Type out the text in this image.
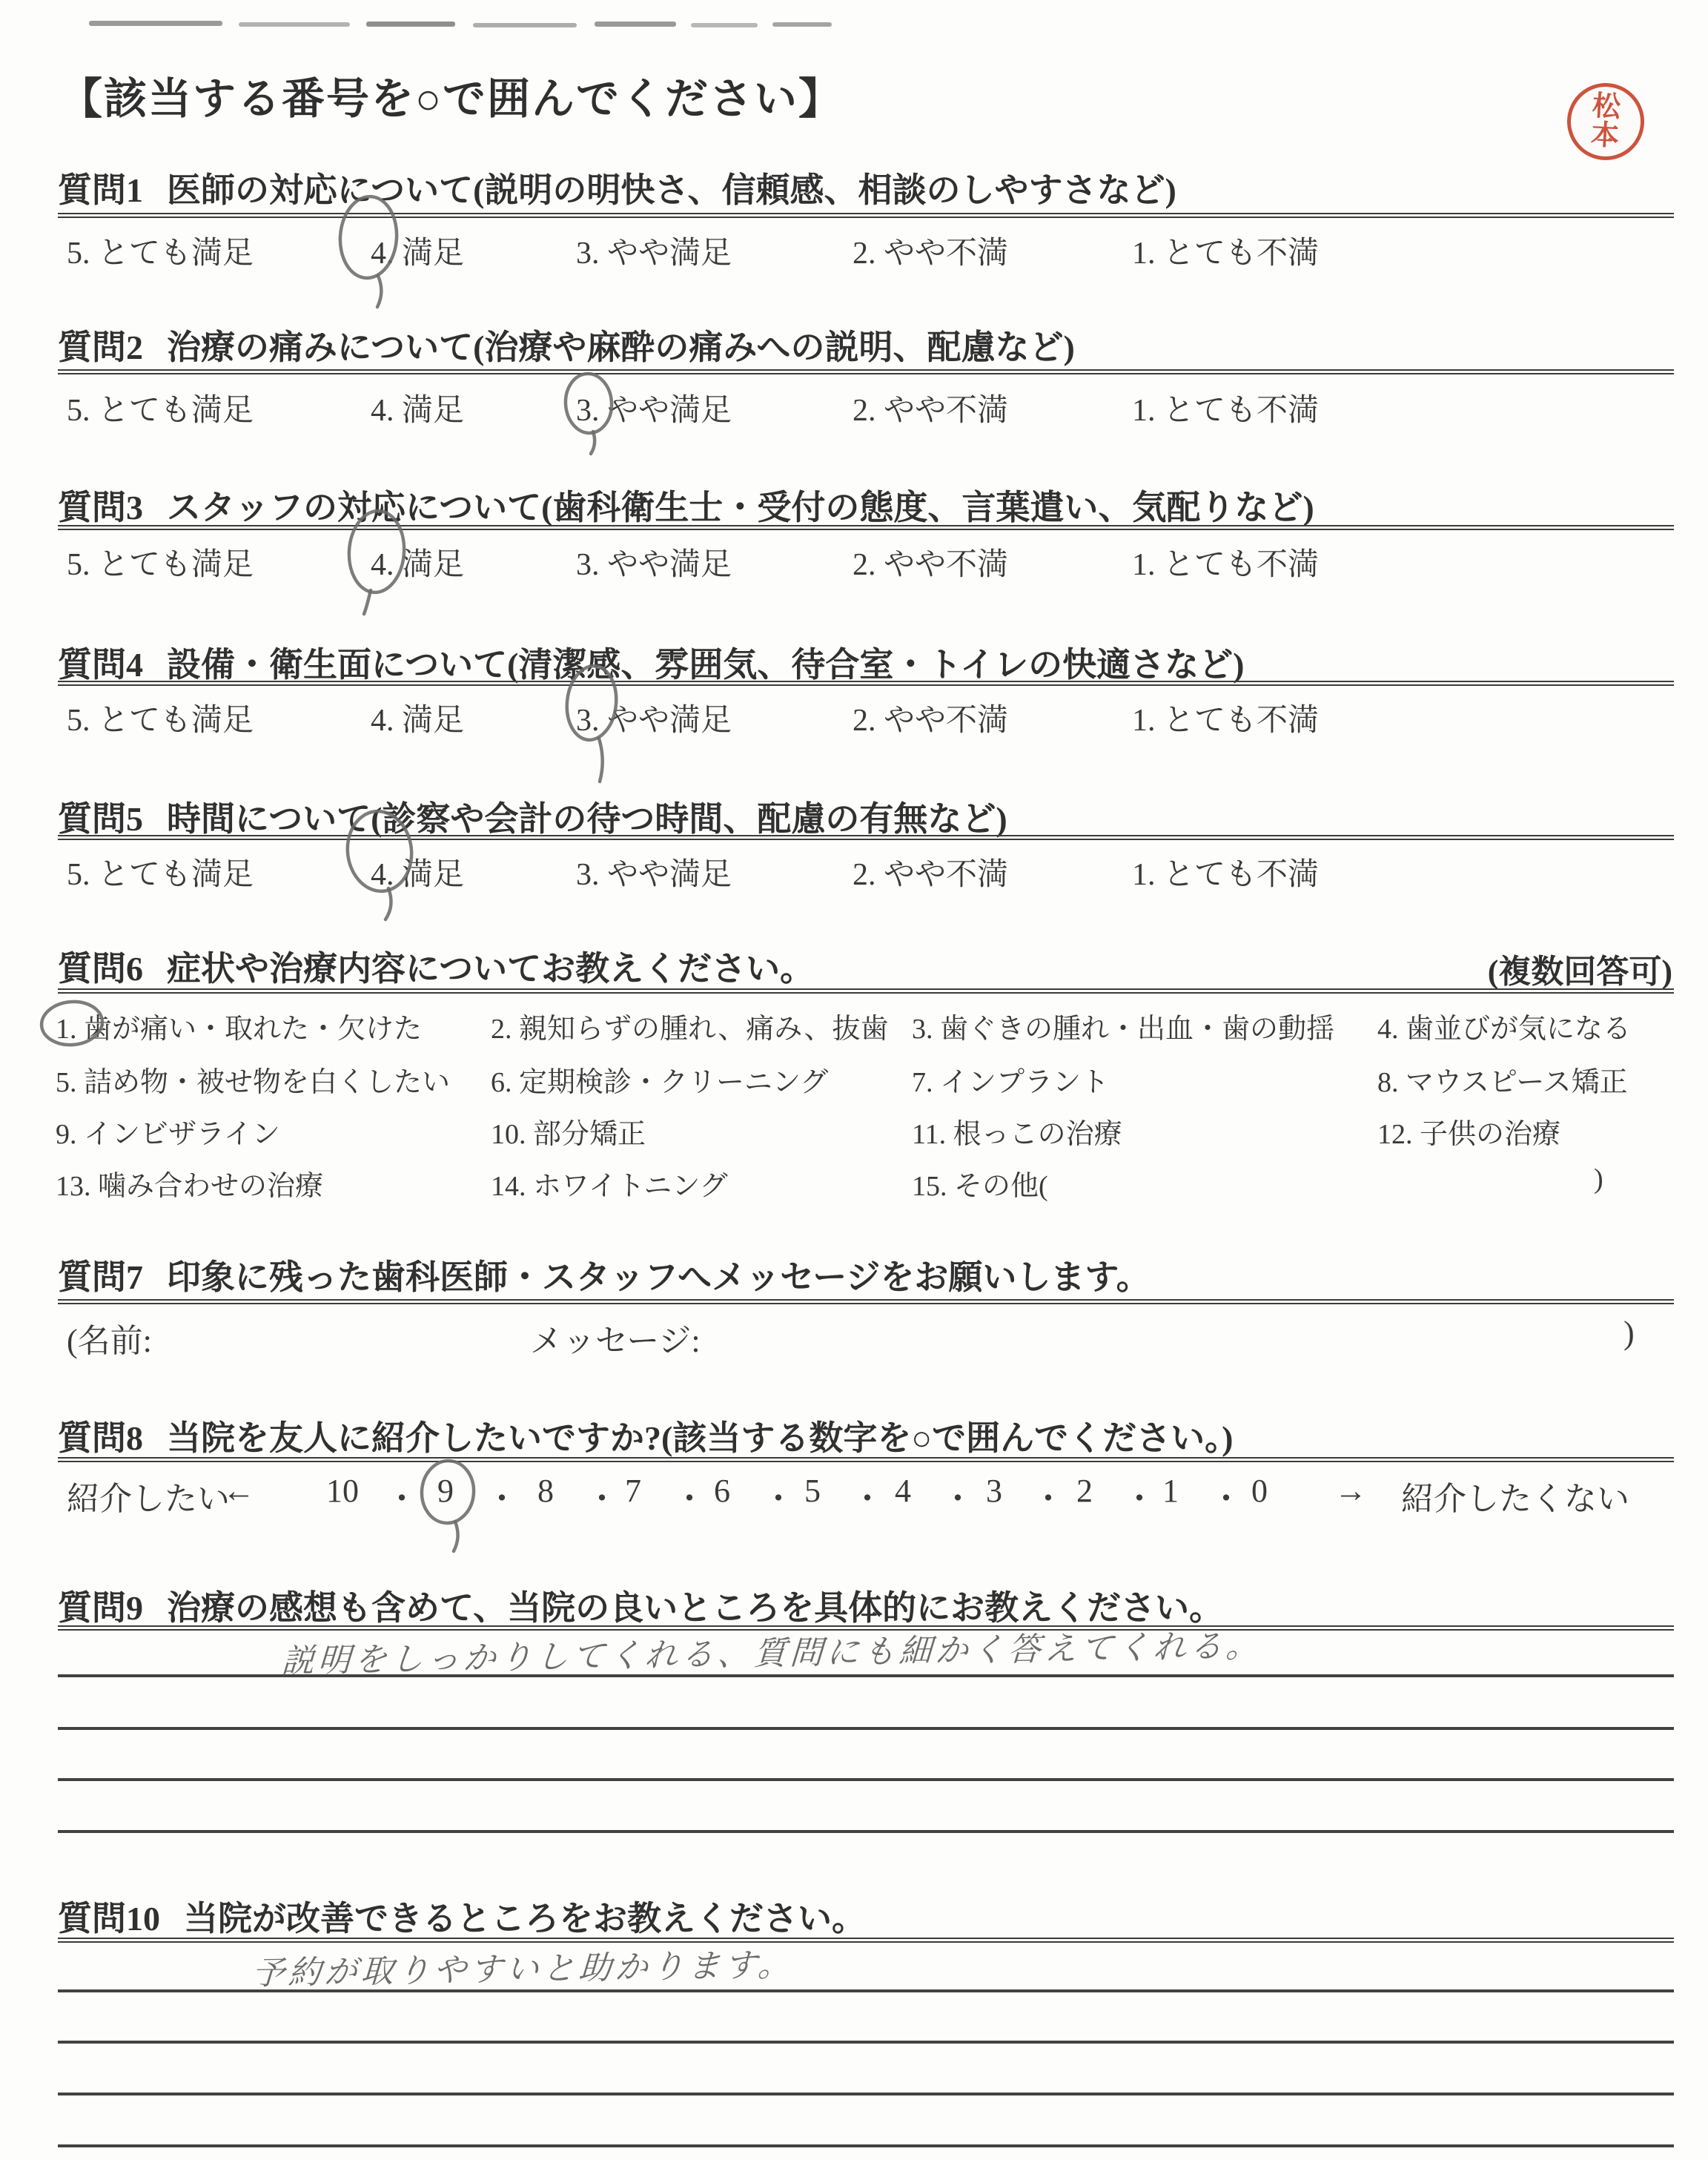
【該当する番号を○で囲んでください】	松
本
質問1 医師の対応について(説明の明快さ、信頼感、相談のしやすさなど)
5. とても満足	4. 満足	3. やや満足	2. やや不満	1. とても不満
質問2 治療の痛みについて(治療や麻酔の痛みへの説明、配慮など)
5. とても満足	4. 満足	3. やや満足	2. やや不満	1. とても不満
質問3 スタッフの対応について(歯科衛生士・受付の態度、言葉遣い、気配りなど)
5. とても満足	4. 満足	3. やや満足	2. やや不満	1. とても不満
質問4 設備・衛生面について(清潔感、雰囲気、待合室・トイレの快適さなど)
5. とても満足	4. 満足	3. やや満足	2. やや不満	1. とても不満
質問5 時間について(診察や会計の待つ時間、配慮の有無など)
5. とても満足	4. 満足	3. やや満足	2. やや不満	1. とても不満
質問6 症状や治療内容についてお教えください。	(複数回答可)
1. 歯が痛い・取れた・欠けた 2. 親知らずの腫れ、痛み、抜歯 3. 歯ぐきの腫れ・出血・歯の動揺 4. 歯並びが気になる
5. 詰め物・被せ物を白くしたい 6. 定期検診・クリーニング	7. インプラント	8. マウスピース矯正
9. インビザライン	10. 部分矯正	11. 根っこの治療	12. 子供の治療
13. 噛み合わせの治療	14. ホワイトニング	15. その他(	)
質問7 印象に残った歯科医師・スタッフへメッセージをお願いします。
(名前:	メッセージ:	)
質問8 当院を友人に紹介したいですか?(該当する数字を○で囲んでください。)
紹介したい
← 10 ・ 9 ・ 8 ・ 7 ・ 6 ・ 5 ・ 4 ・ 3 ・ 2 ・ 1 ・ 0 → 紹介したくない
質問9 治療の感想も含めて、当院の良いところを具体的にお教えください。
説明をしっかりしてくれる、質問にも細かく答えてくれる。
質問10 当院が改善できるところをお教えください。
予約が取りやすいと助かります。
